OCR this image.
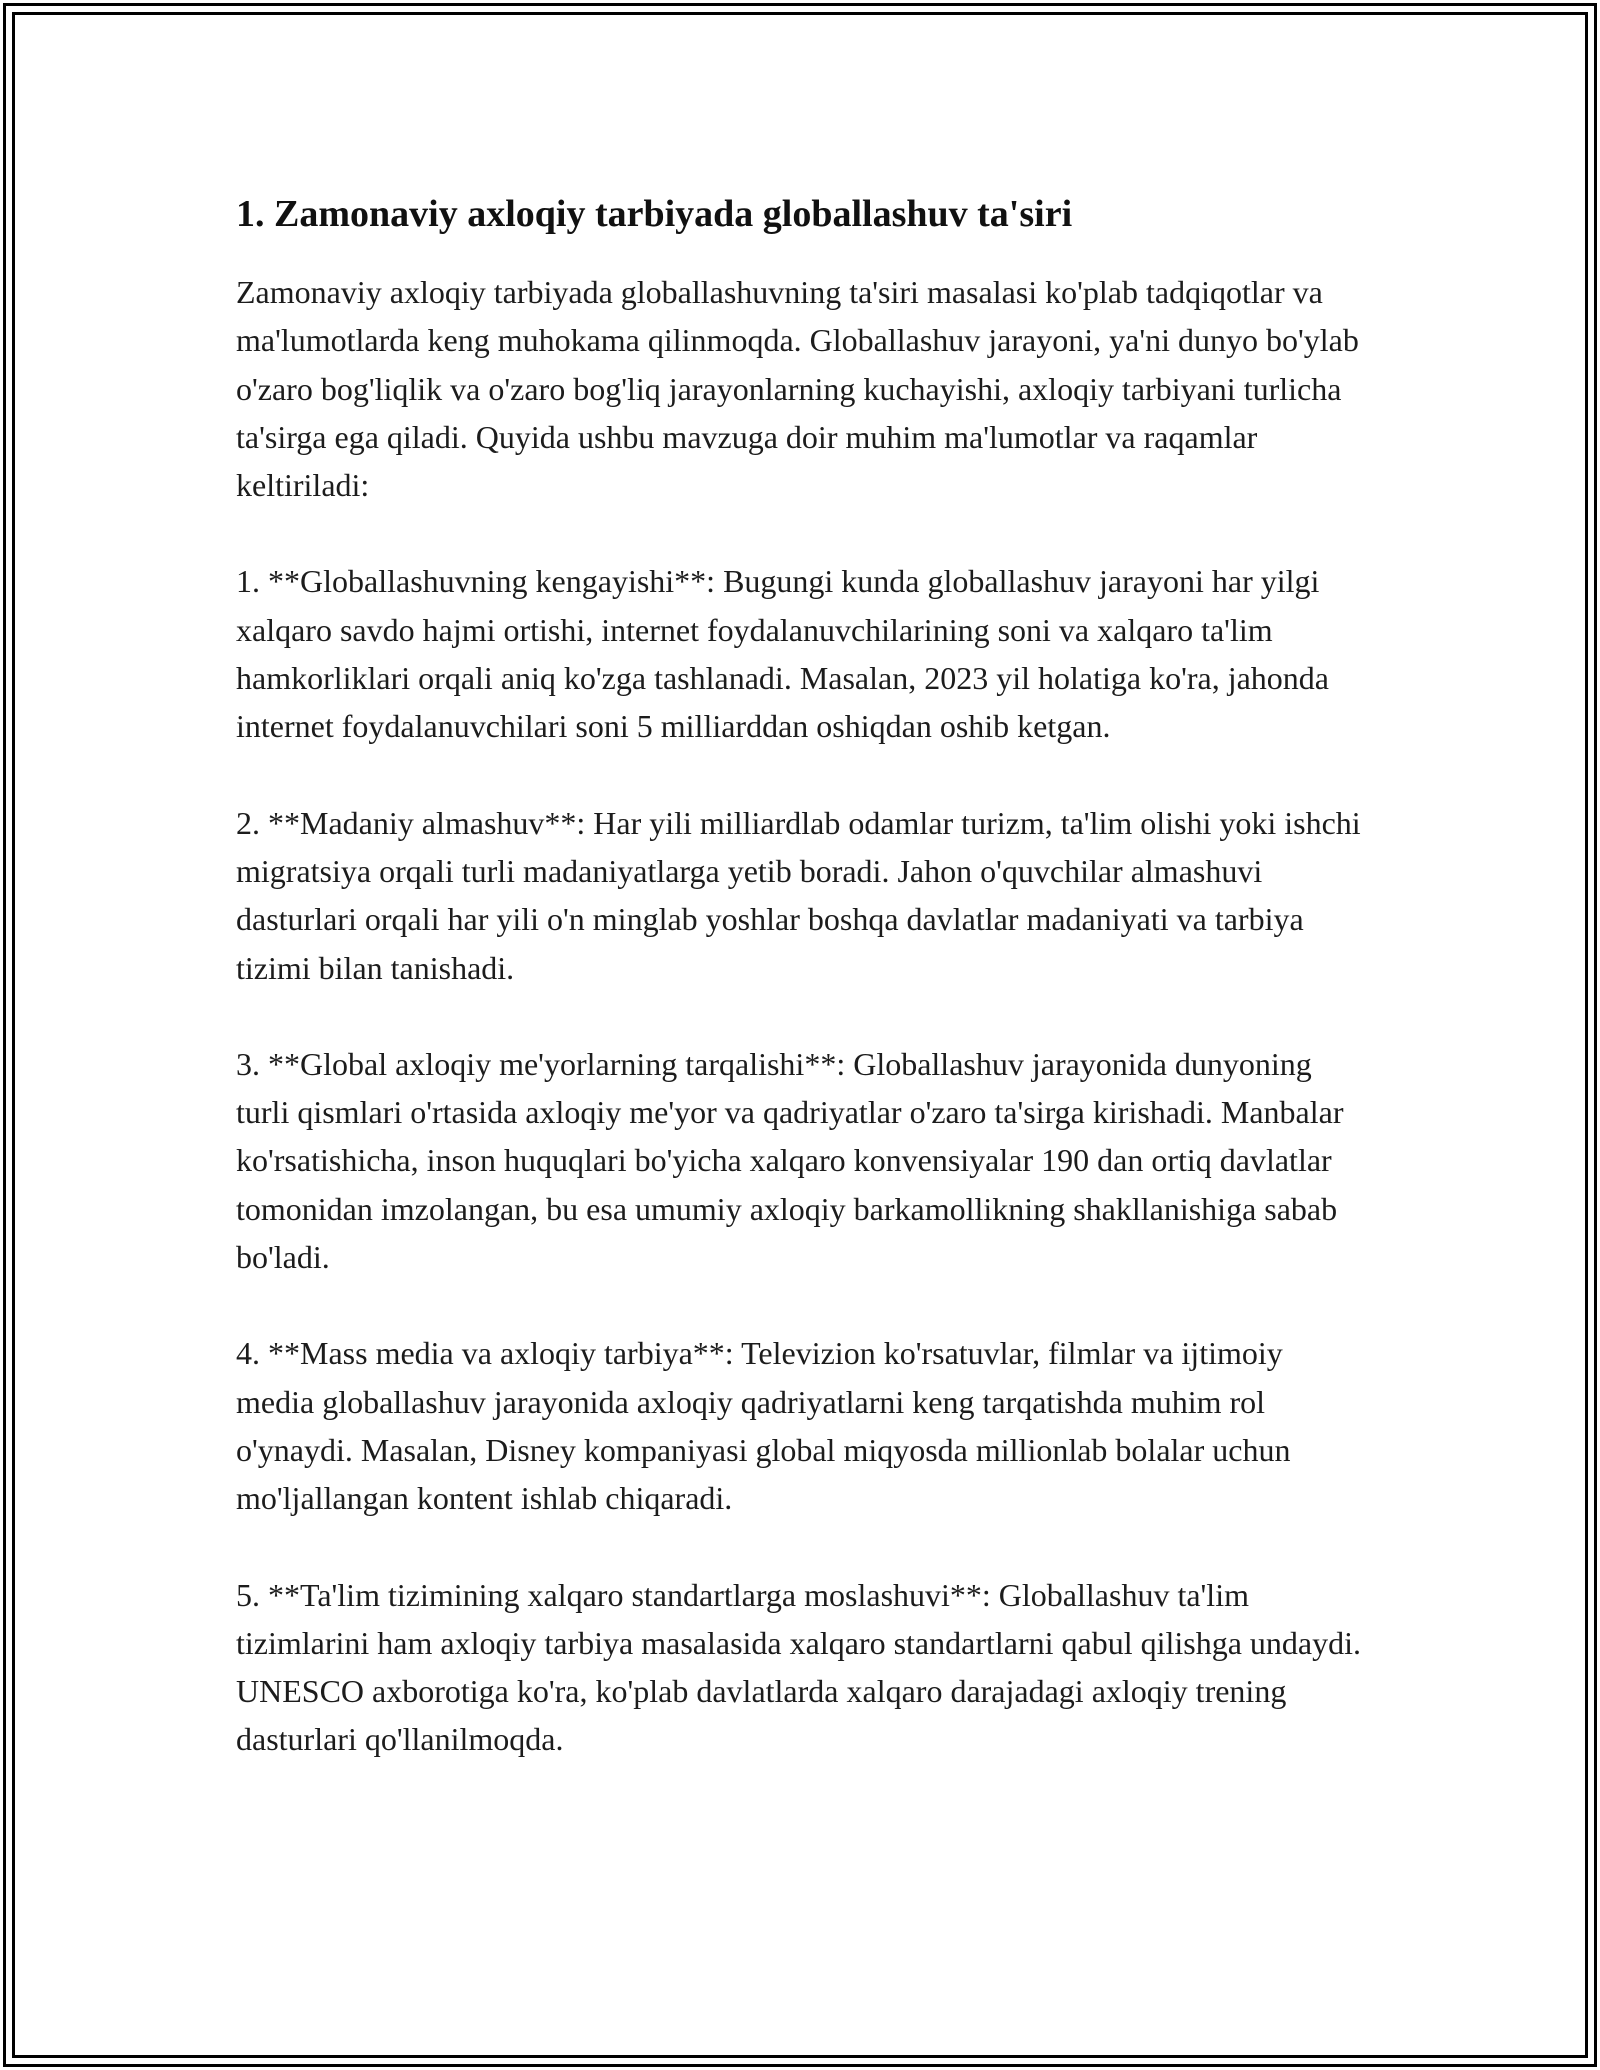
1. Zamonaviy axloqiy tarbiyada globallashuv ta'siri

Zamonaviy axloqiy tarbiyada globallashuvning ta'siri masalasi ko'plab tadqiqotlar va ma'lumotlarda keng muhokama qilinmoqda. Globallashuv jarayoni, ya'ni dunyo bo'ylab o'zaro bog'liqlik va o'zaro bog'liq jarayonlarning kuchayishi, axloqiy tarbiyani turlicha ta'sirga ega qiladi. Quyida ushbu mavzuga doir muhim ma'lumotlar va raqamlar keltiriladi:

1. **Globallashuvning kengayishi**: Bugungi kunda globallashuv jarayoni har yilgi xalqaro savdo hajmi ortishi, internet foydalanuvchilarining soni va xalqaro ta'lim hamkorliklari orqali aniq ko'zga tashlanadi. Masalan, 2023 yil holatiga ko'ra, jahonda internet foydalanuvchilari soni 5 milliarddan oshiqdan oshib ketgan.

2. **Madaniy almashuv**: Har yili milliardlab odamlar turizm, ta'lim olishi yoki ishchi migratsiya orqali turli madaniyatlarga yetib boradi. Jahon o'quvchilar almashuvi dasturlari orqali har yili o'n minglab yoshlar boshqa davlatlar madaniyati va tarbiya tizimi bilan tanishadi.

3. **Global axloqiy me'yorlarning tarqalishi**: Globallashuv jarayonida dunyoning turli qismlari o'rtasida axloqiy me'yor va qadriyatlar o'zaro ta'sirga kirishadi. Manbalar ko'rsatishicha, inson huquqlari bo'yicha xalqaro konvensiyalar 190 dan ortiq davlatlar tomonidan imzolangan, bu esa umumiy axloqiy barkamollikning shakllanishiga sabab bo'ladi.

4. **Mass media va axloqiy tarbiya**: Televizion ko'rsatuvlar, filmlar va ijtimoiy media globallashuv jarayonida axloqiy qadriyatlarni keng tarqatishda muhim rol o'ynaydi. Masalan, Disney kompaniyasi global miqyosda millionlab bolalar uchun mo'ljallangan kontent ishlab chiqaradi.

5. **Ta'lim tizimining xalqaro standartlarga moslashuvi**: Globallashuv ta'lim tizimlarini ham axloqiy tarbiya masalasida xalqaro standartlarni qabul qilishga undaydi. UNESCO axborotiga ko'ra, ko'plab davlatlarda xalqaro darajadagi axloqiy trening dasturlari qo'llanilmoqda.
